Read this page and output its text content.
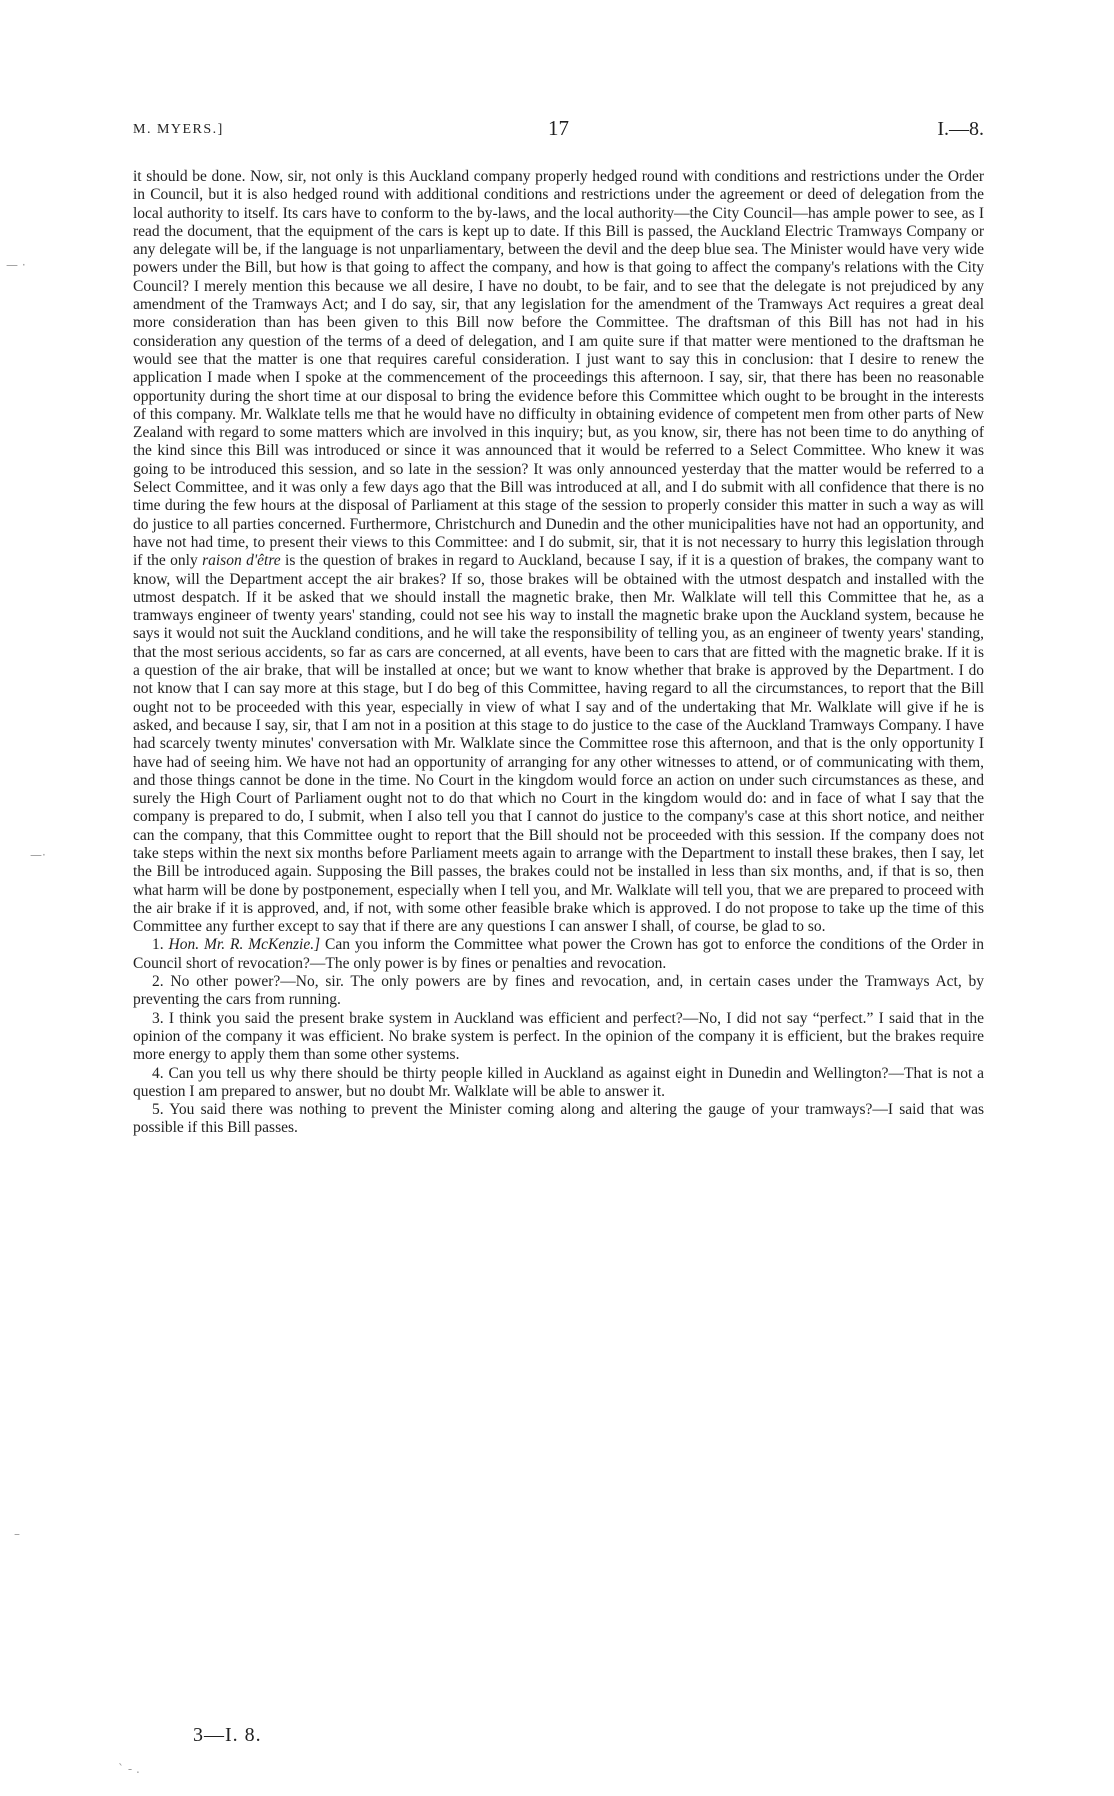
M. MYERS.]	17	I.—8.

it should be done. Now, sir, not only is this Auckland company properly hedged round with conditions and restrictions under the Order in Council, but it is also hedged round with additional conditions and restrictions under the agreement or deed of delegation from the local authority to itself. Its cars have to conform to the by-laws, and the local authority—the City Council—has ample power to see, as I read the document, that the equipment of the cars is kept up to date. If this Bill is passed, the Auckland Electric Tramways Company or any delegate will be, if the language is not unparliamentary, between the devil and the deep blue sea. The Minister would have very wide powers under the Bill, but how is that going to affect the company, and how is that going to affect the company's relations with the City Council? I merely mention this because we all desire, I have no doubt, to be fair, and to see that the delegate is not prejudiced by any amendment of the Tramways Act; and I do say, sir, that any legislation for the amendment of the Tramways Act requires a great deal more consideration than has been given to this Bill now before the Committee. The draftsman of this Bill has not had in his consideration any question of the terms of a deed of delegation, and I am quite sure if that matter were mentioned to the draftsman he would see that the matter is one that requires careful consideration. I just want to say this in conclusion: that I desire to renew the application I made when I spoke at the commencement of the proceedings this afternoon. I say, sir, that there has been no reasonable opportunity during the short time at our disposal to bring the evidence before this Committee which ought to be brought in the interests of this company. Mr. Walklate tells me that he would have no difficulty in obtaining evidence of competent men from other parts of New Zealand with regard to some matters which are involved in this inquiry; but, as you know, sir, there has not been time to do anything of the kind since this Bill was introduced or since it was announced that it would be referred to a Select Committee. Who knew it was going to be introduced this session, and so late in the session? It was only announced yesterday that the matter would be referred to a Select Committee, and it was only a few days ago that the Bill was introduced at all, and I do submit with all confidence that there is no time during the few hours at the disposal of Parliament at this stage of the session to properly consider this matter in such a way as will do justice to all parties concerned. Furthermore, Christchurch and Dunedin and the other municipalities have not had an opportunity, and have not had time, to present their views to this Committee: and I do submit, sir, that it is not necessary to hurry this legislation through if the only raison d'être is the question of brakes in regard to Auckland, because I say, if it is a question of brakes, the company want to know, will the Department accept the air brakes? If so, those brakes will be obtained with the utmost despatch and installed with the utmost despatch. If it be asked that we should install the magnetic brake, then Mr. Walklate will tell this Committee that he, as a tramways engineer of twenty years' standing, could not see his way to install the magnetic brake upon the Auckland system, because he says it would not suit the Auckland conditions, and he will take the responsibility of telling you, as an engineer of twenty years' standing, that the most serious accidents, so far as cars are concerned, at all events, have been to cars that are fitted with the magnetic brake. If it is a question of the air brake, that will be installed at once; but we want to know whether that brake is approved by the Department. I do not know that I can say more at this stage, but I do beg of this Committee, having regard to all the circumstances, to report that the Bill ought not to be proceeded with this year, especially in view of what I say and of the undertaking that Mr. Walklate will give if he is asked, and because I say, sir, that I am not in a position at this stage to do justice to the case of the Auckland Tramways Company. I have had scarcely twenty minutes' conversation with Mr. Walklate since the Committee rose this afternoon, and that is the only opportunity I have had of seeing him. We have not had an opportunity of arranging for any other witnesses to attend, or of communicating with them, and those things cannot be done in the time. No Court in the kingdom would force an action on under such circumstances as these, and surely the High Court of Parliament ought not to do that which no Court in the kingdom would do: and in face of what I say that the company is prepared to do, I submit, when I also tell you that I cannot do justice to the company's case at this short notice, and neither can the company, that this Committee ought to report that the Bill should not be proceeded with this session. If the company does not take steps within the next six months before Parliament meets again to arrange with the Department to install these brakes, then I say, let the Bill be introduced again. Supposing the Bill passes, the brakes could not be installed in less than six months, and, if that is so, then what harm will be done by postponement, especially when I tell you, and Mr. Walklate will tell you, that we are prepared to proceed with the air brake if it is approved, and, if not, with some other feasible brake which is approved. I do not propose to take up the time of this Committee any further except to say that if there are any questions I can answer I shall, of course, be glad to so.

1. Hon. Mr. R. McKenzie.] Can you inform the Committee what power the Crown has got to enforce the conditions of the Order in Council short of revocation?—The only power is by fines or penalties and revocation.

2. No other power?—No, sir. The only powers are by fines and revocation, and, in certain cases under the Tramways Act, by preventing the cars from running.

3. I think you said the present brake system in Auckland was efficient and perfect?—No, I did not say “perfect.” I said that in the opinion of the company it was efficient. No brake system is perfect. In the opinion of the company it is efficient, but the brakes require more energy to apply them than some other systems.

4. Can you tell us why there should be thirty people killed in Auckland as against eight in Dunedin and Wellington?—That is not a question I am prepared to answer, but no doubt Mr. Walklate will be able to answer it.

5. You said there was nothing to prevent the Minister coming along and altering the gauge of your tramways?—I said that was possible if this Bill passes.

3—I. 8.
— ·
—·
–
ˋ - .
